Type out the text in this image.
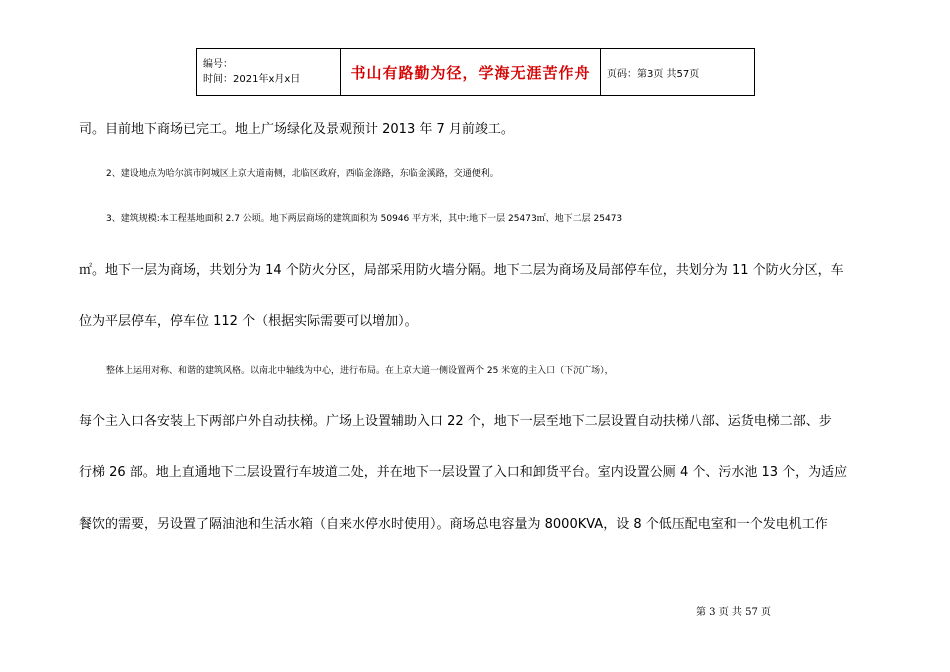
编号：
时间：2021年x月x日	书山有路勤为径，学海无涯苦作舟	页码：第3页 共57页
司。目前地下商场已完工。地上广场绿化及景观预计 2013 年 7 月前竣工。
2、建设地点为哈尔滨市阿城区上京大道南侧，北临区政府，西临金涤路，东临金溪路，交通便利。
3、建筑规模:本工程基地面积 2.7 公顷。地下两层商场的建筑面积为 50946 平方米，其中:地下一层 25473㎡、地下二层 25473
㎡。地下一层为商场，共划分为 14 个防火分区，局部采用防火墙分隔。地下二层为商场及局部停车位，共划分为 11 个防火分区，车
位为平层停车，停车位 112 个（根据实际需要可以增加）。
整体上运用对称、和谐的建筑风格。以南北中轴线为中心，进行布局。在上京大道一侧设置两个 25 米宽的主入口（下沉广场），
每个主入口各安装上下两部户外自动扶梯。广场上设置辅助入口 22 个，地下一层至地下二层设置自动扶梯八部、运货电梯二部、步
行梯 26 部。地上直通地下二层设置行车坡道二处，并在地下一层设置了入口和卸货平台。室内设置公厕 4 个、污水池 13 个，为适应
餐饮的需要，另设置了隔油池和生活水箱（自来水停水时使用）。商场总电容量为 8000KVA，设 8 个低压配电室和一个发电机工作
第 3 页 共 57 页
